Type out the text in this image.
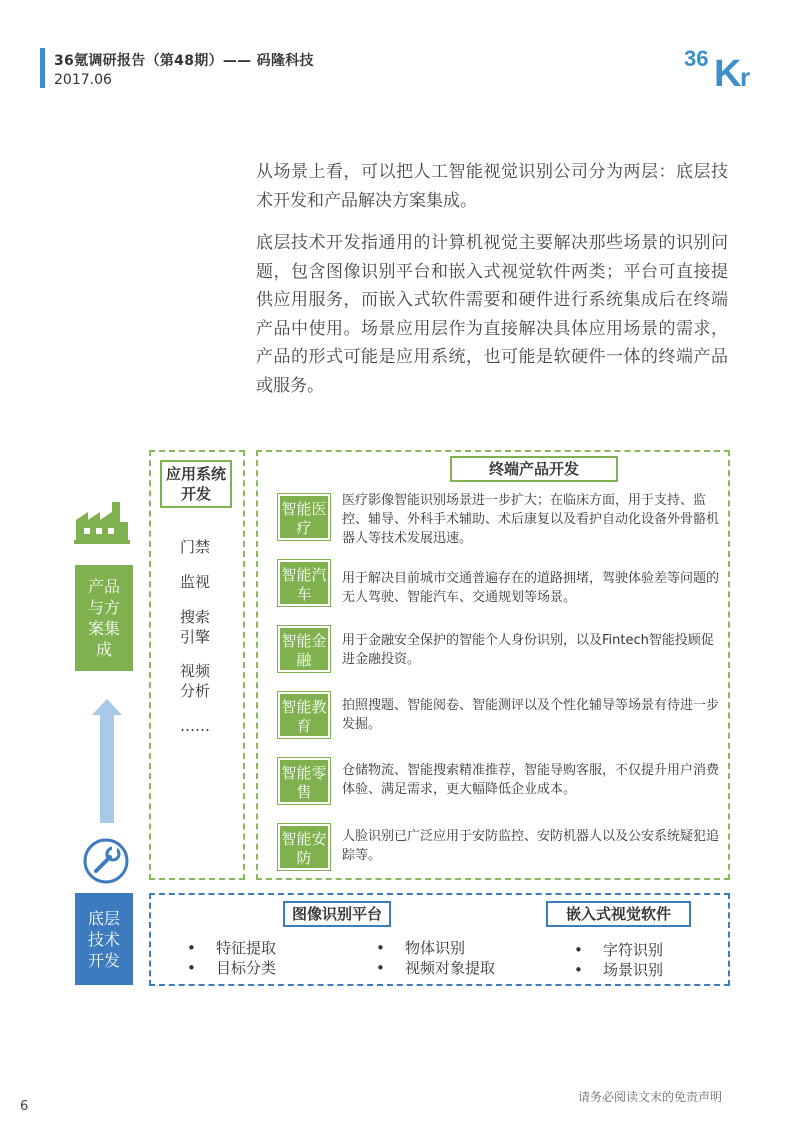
36氪调研报告（第48期）—— 码隆科技
2017.06
36 K
r
从场景上看，可以把人工智能视觉识别公司分为两层：底层技术开发和产品解决方案集成。
底层技术开发指通用的计算机视觉主要解决那些场景的识别问题，包含图像识别平台和嵌入式视觉软件两类；平台可直接提供应用服务，而嵌入式软件需要和硬件进行系统集成后在终端产品中使用。场景应用层作为直接解决具体应用场景的需求，产品的形式可能是应用系统，也可能是软硬件一体的终端产品或服务。
产品与方案集成
底层技术开发
应用系统开发
门禁
监视
搜索引擎
视频分析
……
终端产品开发
智能医疗
医疗影像智能识别场景进一步扩大；在临床方面，用于支持、监控、辅导、外科手术辅助、术后康复以及看护自动化设备外骨骼机器人等技术发展迅速。
智能汽车
用于解决目前城市交通普遍存在的道路拥堵，驾驶体验差等问题的无人驾驶、智能汽车、交通规划等场景。
智能金融
用于金融安全保护的智能个人身份识别，以及Fintech智能投顾促进金融投资。
智能教育
拍照搜题、智能阅卷、智能测评以及个性化辅导等场景有待进一步发掘。
智能零售
仓储物流、智能搜索精准推荐，智能导购客服，不仅提升用户消费体验、满足需求，更大幅降低企业成本。
智能安防
人脸识别已广泛应用于安防监控、安防机器人以及公安系统疑犯追踪等。
图像识别平台	嵌入式视觉软件
• 特征提取
• 目标分类
• 物体识别
• 视频对象提取
• 字符识别
• 场景识别
请务必阅读文末的免责声明
6
